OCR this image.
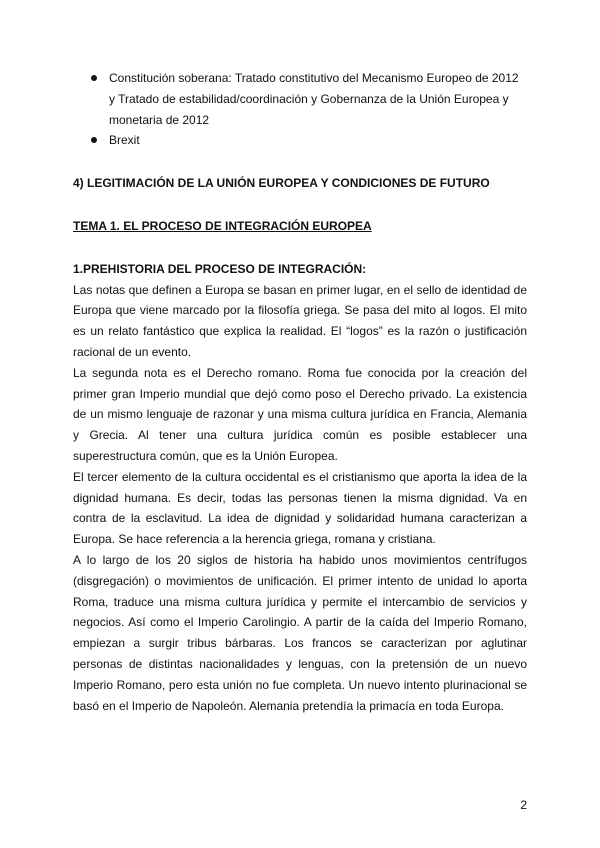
Constitución soberana: Tratado constitutivo del Mecanismo Europeo de 2012 y Tratado de estabilidad/coordinación y Gobernanza de la Unión Europea y monetaria de 2012
Brexit

4) LEGITIMACIÓN DE LA UNIÓN EUROPEA Y CONDICIONES DE FUTURO

TEMA 1. EL PROCESO DE INTEGRACIÓN EUROPEA

1.PREHISTORIA DEL PROCESO DE INTEGRACIÓN:

Las notas que definen a Europa se basan en primer lugar, en el sello de identidad de Europa que viene marcado por la filosofía griega. Se pasa del mito al logos. El mito es un relato fantástico que explica la realidad. El “logos” es la razón o justificación racional de un evento.

La segunda nota es el Derecho romano. Roma fue conocida por la creación del primer gran Imperio mundial que dejó como poso el Derecho privado. La existencia de un mismo lenguaje de razonar y una misma cultura jurídica en Francia, Alemania y Grecia. Al tener una cultura jurídica común es posible establecer una superestructura común, que es la Unión Europea.

El tercer elemento de la cultura occidental es el cristianismo que aporta la idea de la dignidad humana. Es decir, todas las personas tienen la misma dignidad. Va en contra de la esclavitud. La idea de dignidad y solidaridad humana caracterizan a Europa. Se hace referencia a la herencia griega, romana y cristiana.

A lo largo de los 20 siglos de historia ha habido unos movimientos centrífugos (disgregación) o movimientos de unificación. El primer intento de unidad lo aporta Roma, traduce una misma cultura jurídica y permite el intercambio de servicios y negocios. Así como el Imperio Carolingio. A partir de la caída del Imperio Romano, empiezan a surgir tribus bárbaras. Los francos se caracterizan por aglutinar personas de distintas nacionalidades y lenguas, con la pretensión de un nuevo Imperio Romano, pero esta unión no fue completa. Un nuevo intento plurinacional se basó en el Imperio de Napoleón. Alemania pretendía la primacía en toda Europa.

2
